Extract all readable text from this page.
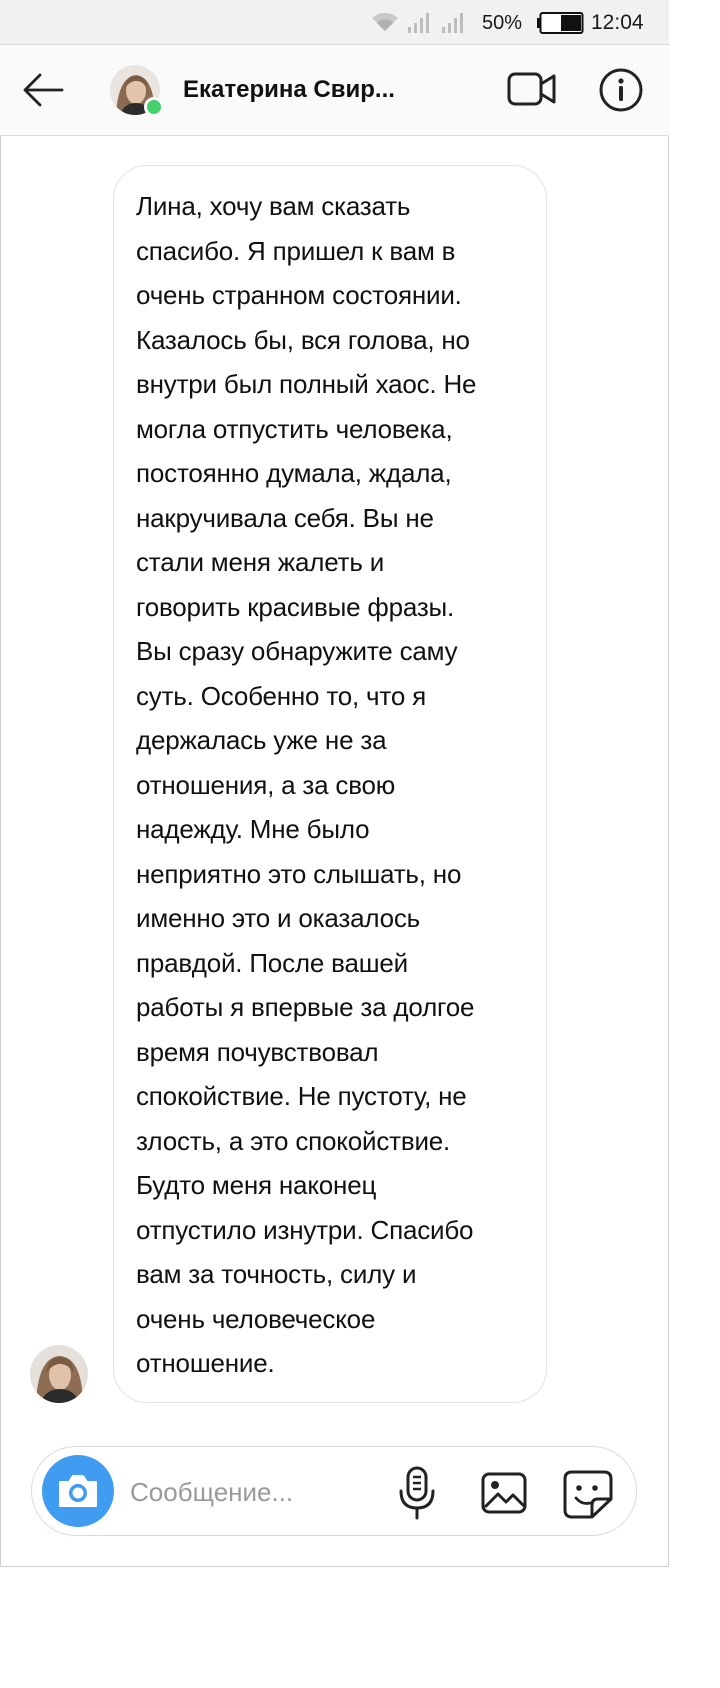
50%	12:04
Екатерина Свир...

Лина, хочу вам сказать
спасибо. Я пришел к вам в
очень странном состоянии.
Казалось бы, вся голова, но
внутри был полный хаос. Не
могла отпустить человека,
постоянно думала, ждала,
накручивала себя. Вы не
стали меня жалеть и
говорить красивые фразы.
Вы сразу обнаружите саму
суть. Особенно то, что я
держалась уже не за
отношения, а за свою
надежду. Мне было
неприятно это слышать, но
именно это и оказалось
правдой. После вашей
работы я впервые за долгое
время почувствовал
спокойствие. Не пустоту, не
злость, а это спокойствие.
Будто меня наконец
отпустило изнутри. Спасибо
вам за точность, силу и
очень человеческое
отношение.

Сообщение...
